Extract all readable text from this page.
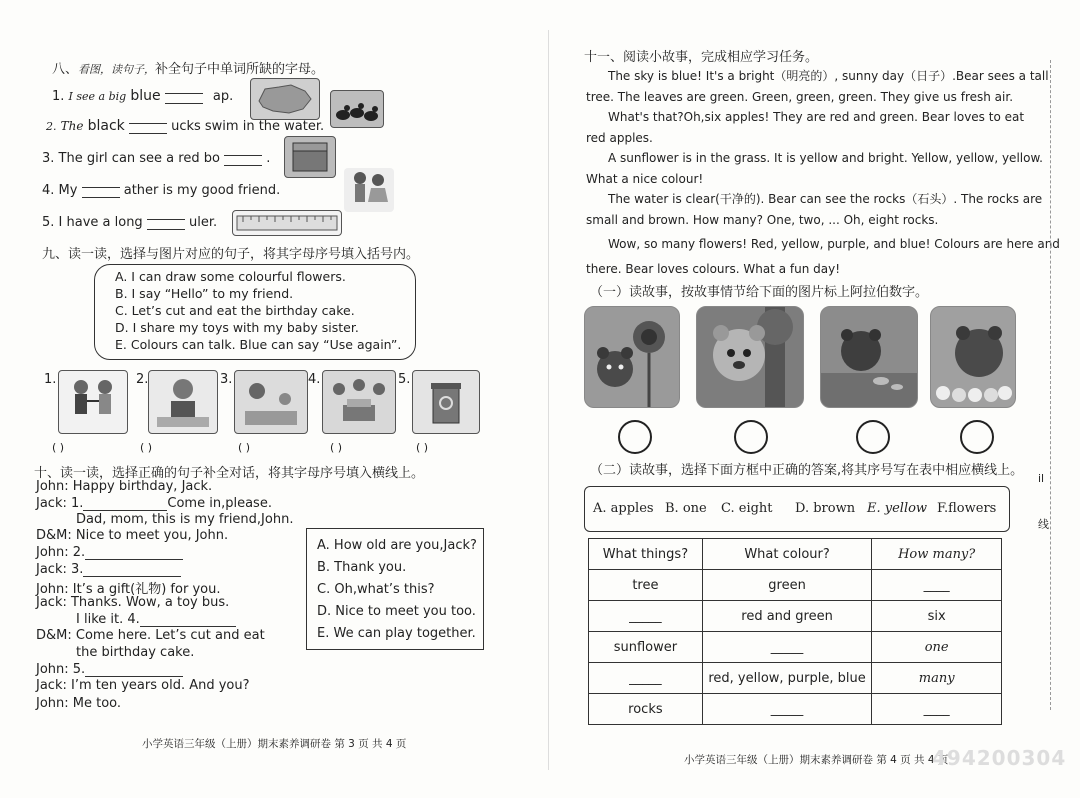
八、看图，读句子，补全句子中单词所缺的字母。
1. I see a big blue	ap.
2. The black	ucks swim in the water.
3. The girl can see a red bo	.
4. My	ather is my good friend.
5. I have a long	uler.
九、读一读，选择与图片对应的句子，将其字母序号填入括号内。
A. I can draw some colourful flowers.
B. I say “Hello” to my friend.
C. Let’s cut and eat the birthday cake.
D. I share my toys with my baby sister.
E. Colours can talk. Blue can say “Use again”.
1.	2.	3.	4.	5.
( )	( )	( )	( )	( )
十、读一读，选择正确的句子补全对话，将其字母序号填入横线上。
John: Happy birthday, Jack.
Jack: 1.	Come in,please.
Dad, mom, this is my friend,John.
D&M: Nice to meet you, John.
John: 2.
Jack: 3.
John: It’s a gift(礼物) for you.
Jack: Thanks. Wow, a toy bus.
I like it. 4.
D&M: Come here. Let’s cut and eat
the birthday cake.
John: 5.
Jack: I’m ten years old. And you?
John: Me too.
A. How old are you,Jack?
B. Thank you.
C. Oh,what’s this?
D. Nice to meet you too.
E. We can play together.
小学英语三年级（上册）期末素养调研卷 第 3 页 共 4 页
十一、阅读小故事，完成相应学习任务。
The sky is blue! It's a bright（明亮的）, sunny day（日子）.Bear sees a tall
tree. The leaves are green. Green, green, green. They give us fresh air.
What's that?Oh,six apples! They are red and green. Bear loves to eat
red apples.
A sunflower is in the grass. It is yellow and bright. Yellow, yellow, yellow.
What a nice colour!
The water is clear(干净的). Bear can see the rocks（石头）. The rocks are
small and brown. How many? One, two, ... Oh, eight rocks.
Wow, so many flowers! Red, yellow, purple, and blue! Colours are here and
there. Bear loves colours. What a fun day!
（一）读故事，按故事情节给下面的图片标上阿拉伯数字。
（二）读故事，选择下面方框中正确的答案,将其序号写在表中相应横线上。
A. apples B. one C. eight D. brown E. yellow F.flowers
What things?	What colour?	How many?
tree	green	____
_____	red and green	six
sunflower	_____	one
_____	red, yellow, purple, blue	many
rocks	_____	____
il
线
小学英语三年级（上册）期末素养调研卷 第 4 页 共 4 页
494200304
